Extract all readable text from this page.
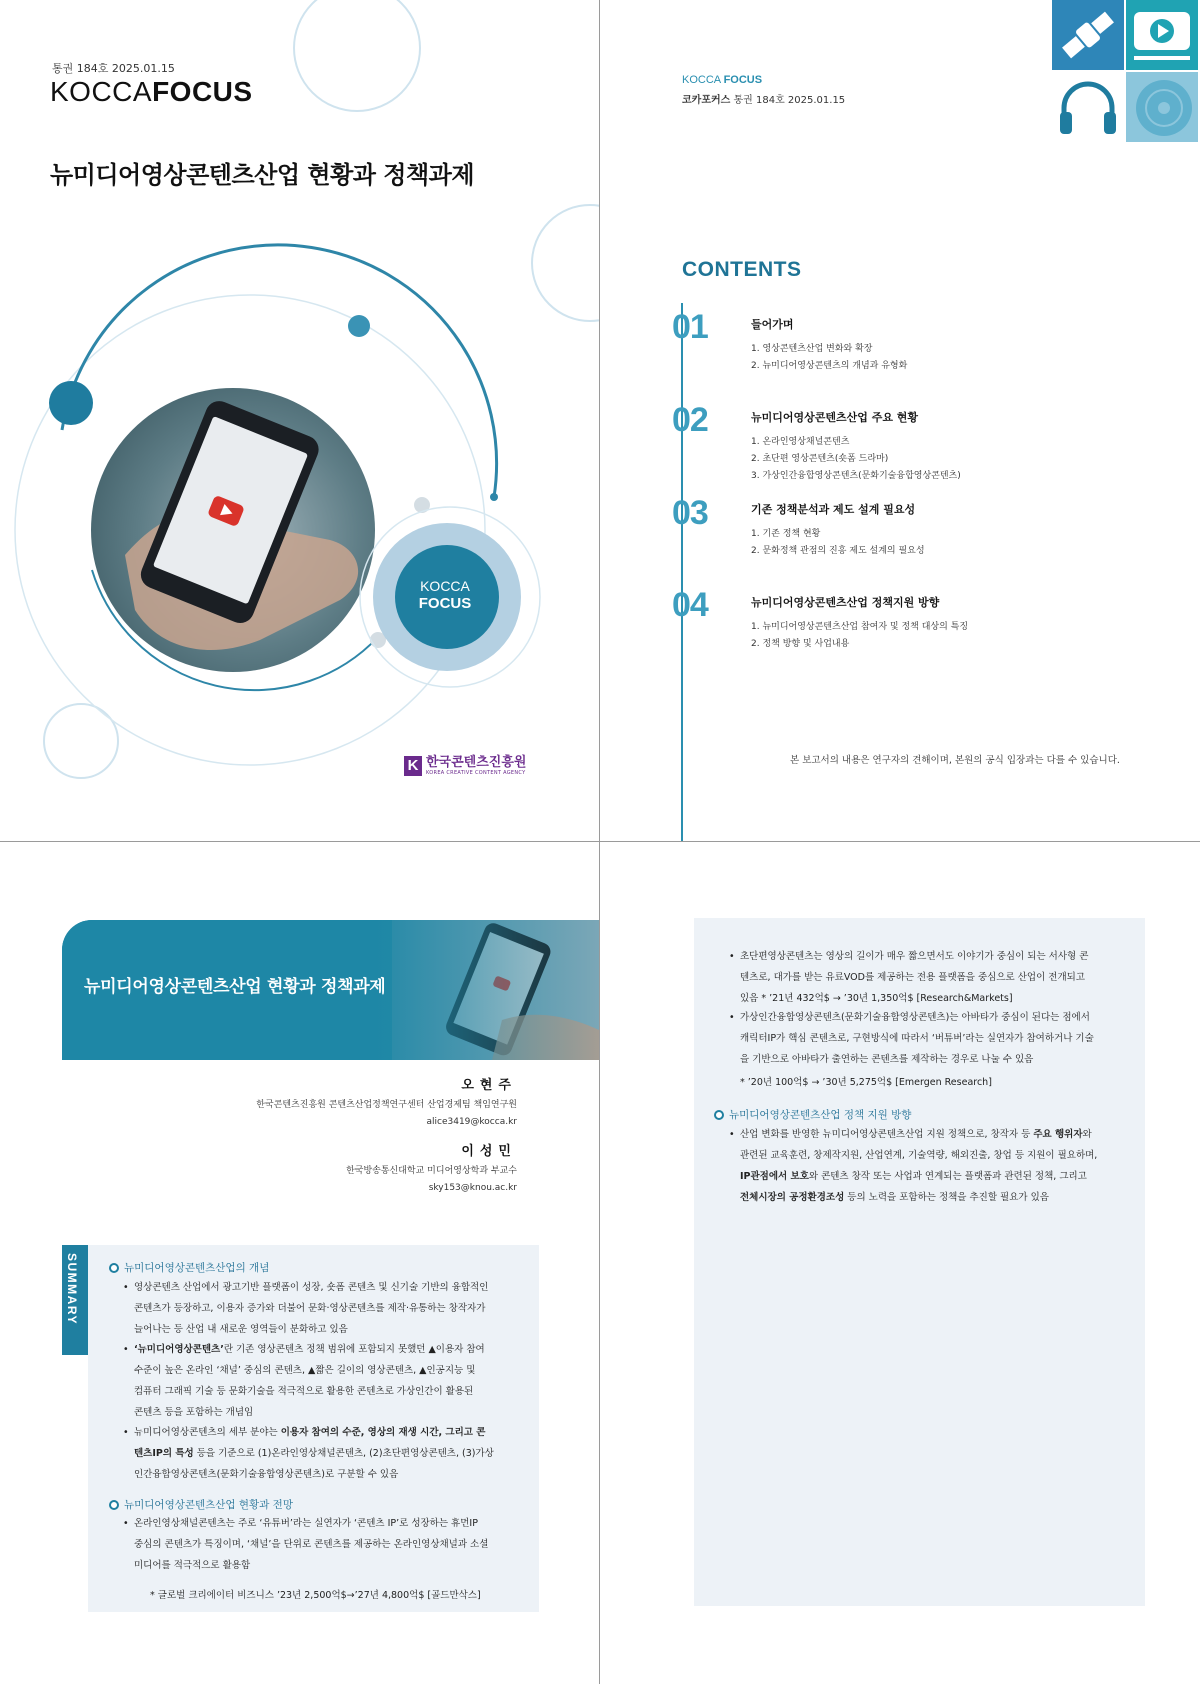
통권 184호 2025.01.15
KOCCAFOCUS
뉴미디어영상콘텐츠산업 현황과 정책과제
KOCCA
FOCUS
K 한국콘텐츠진흥원
KOREA CREATIVE CONTENT AGENCY
KOCCA FOCUS
코카포커스 통권 184호 2025.01.15
CONTENTS
01	들어가며
1. 영상콘텐츠산업 변화와 확장
2. 뉴미디어영상콘텐츠의 개념과 유형화
02	뉴미디어영상콘텐츠산업 주요 현황
1. 온라인영상채널콘텐츠
2. 초단편 영상콘텐츠(숏폼 드라마)
3. 가상인간융합영상콘텐츠(문화기술융합영상콘텐츠)
03	기존 정책분석과 제도 설계 필요성
1. 기존 정책 현황
2. 문화정책 관점의 진흥 제도 설계의 필요성
04	뉴미디어영상콘텐츠산업 정책지원 방향
1. 뉴미디어영상콘텐츠산업 참여자 및 정책 대상의 특징
2. 정책 방향 및 사업내용
본 보고서의 내용은 연구자의 견해이며, 본원의 공식 입장과는 다를 수 있습니다.
뉴미디어영상콘텐츠산업 현황과 정책과제
오현주
한국콘텐츠진흥원 콘텐츠산업정책연구센터 산업경제팀 책임연구원
alice3419@kocca.kr
이성민
한국방송통신대학교 미디어영상학과 부교수
sky153@knou.ac.kr
SUMMARY	뉴미디어영상콘텐츠산업의 개념
• 영상콘텐츠 산업에서 광고기반 플랫폼이 성장, 숏폼 콘텐츠 및 신기술 기반의 융합적인
콘텐츠가 등장하고, 이용자 증가와 더불어 문화·영상콘텐츠를 제작·유통하는 창작자가
늘어나는 등 산업 내 새로운 영역들이 분화하고 있음
• ‘뉴미디어영상콘텐츠’란 기존 영상콘텐츠 정책 범위에 포함되지 못했던 ▲이용자 참여
수준이 높은 온라인 ‘채널’ 중심의 콘텐츠, ▲짧은 길이의 영상콘텐츠, ▲인공지능 및
컴퓨터 그래픽 기술 등 문화기술을 적극적으로 활용한 콘텐츠로 가상인간이 활용된
콘텐츠 등을 포함하는 개념임
• 뉴미디어영상콘텐츠의 세부 분야는 이용자 참여의 수준, 영상의 재생 시간, 그리고 콘
텐츠IP의 특성 등을 기준으로 (1)온라인영상채널콘텐츠, (2)초단편영상콘텐츠, (3)가상
인간융합영상콘텐츠(문화기술융합영상콘텐츠)로 구분할 수 있음
뉴미디어영상콘텐츠산업 현황과 전망
• 온라인영상채널콘텐츠는 주로 ‘유튜버’라는 실연자가 ‘콘텐츠 IP’로 성장하는 휴먼IP
중심의 콘텐츠가 특징이며, ‘채널’을 단위로 콘텐츠를 제공하는 온라인영상채널과 소셜
미디어를 적극적으로 활용함
* 글로벌 크리에이터 비즈니스 ’23년 2,500억$→’27년 4,800억$ [골드만삭스]
• 초단편영상콘텐츠는 영상의 길이가 매우 짧으면서도 이야기가 중심이 되는 서사형 콘
텐츠로, 대가를 받는 유료VOD를 제공하는 전용 플랫폼을 중심으로 산업이 전개되고
있음 * ’21년 432억$ → ’30년 1,350억$ [Research&Markets]
• 가상인간융합영상콘텐츠(문화기술융합영상콘텐츠)는 아바타가 중심이 된다는 점에서
캐릭터IP가 핵심 콘텐츠로, 구현방식에 따라서 ‘버튜버’라는 실연자가 참여하거나 기술
을 기반으로 아바타가 출연하는 콘텐츠를 제작하는 경우로 나눌 수 있음
* ’20년 100억$ → ’30년 5,275억$ [Emergen Research]
뉴미디어영상콘텐츠산업 정책 지원 방향
• 산업 변화를 반영한 뉴미디어영상콘텐츠산업 지원 정책으로, 창작자 등 주요 행위자와
관련된 교육훈련, 창제작지원, 산업연계, 기술역량, 해외진출, 창업 등 지원이 필요하며,
IP관점에서 보호와 콘텐츠 창작 또는 사업과 연계되는 플랫폼과 관련된 정책, 그리고
전체시장의 공정환경조성 등의 노력을 포함하는 정책을 추진할 필요가 있음
